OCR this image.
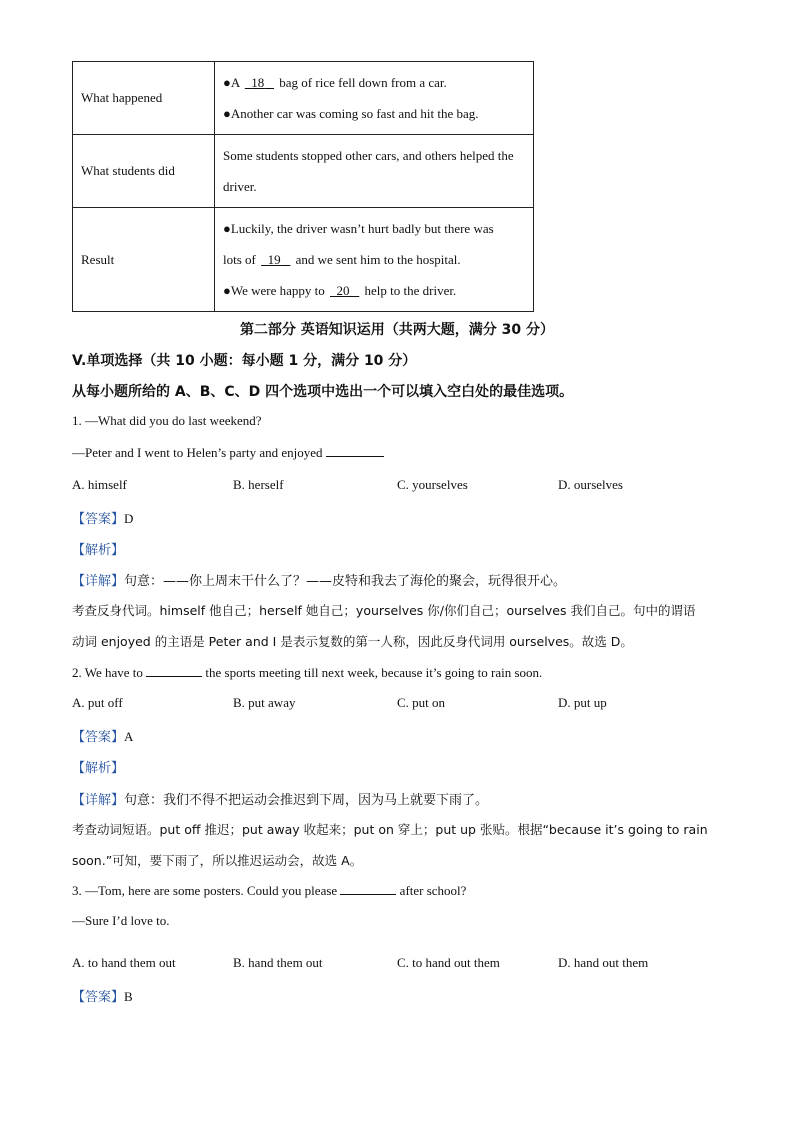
What happened	●A   18    bag of rice fell down from a car.
●Another car was coming so fast and hit the bag.

What students did	Some students stopped other cars, and others helped the
driver.

Result	●Luckily, the driver wasn’t hurt badly but there was
lots of   19    and we sent him to the hospital.
●We were happy to   20    help to the driver.
第二部分 英语知识运用（共两大题，满分 30 分）
V.单项选择（共 10 小题：每小题 1 分，满分 10 分）
从每小题所给的 A、B、C、D 四个选项中选出一个可以填入空白处的最佳选项。
1. —What did you do last weekend?
—Peter and I went to Helen’s party and enjoyed
A. himself	B. herself	C. yourselves	D. ourselves
【答案】D
【解析】
【详解】句意：——你上周末干什么了？——皮特和我去了海伦的聚会，玩得很开心。
考查反身代词。himself 他自己；herself 她自己；yourselves 你/你们自己；ourselves 我们自己。句中的谓语
动词 enjoyed 的主语是 Peter and I 是表示复数的第一人称，因此反身代词用 ourselves。故选 D。
2. We have to	the sports meeting till next week, because it’s going to rain soon.
A. put off	B. put away	C. put on	D. put up
【答案】A
【解析】
【详解】句意：我们不得不把运动会推迟到下周，因为马上就要下雨了。
考查动词短语。put off 推迟；put away 收起来；put on 穿上；put up 张贴。根据“because it’s going to rain
soon.”可知，要下雨了，所以推迟运动会，故选 A。
3. —Tom, here are some posters. Could you please	after school?
—Sure I’d love to.
A. to hand them out	B. hand them out	C. to hand out them	D. hand out them
【答案】B
